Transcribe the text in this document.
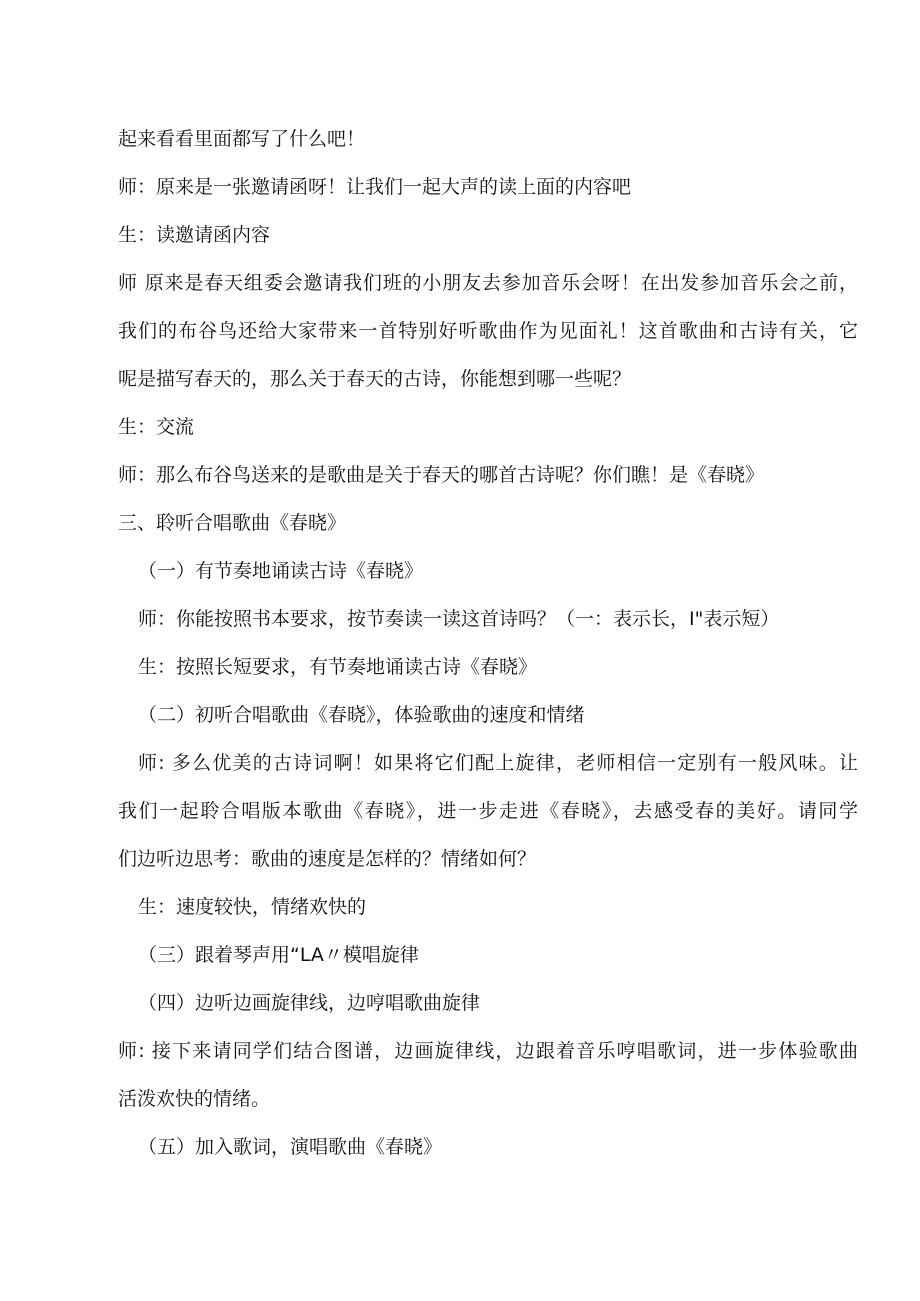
起来看看里面都写了什么吧！
师：原来是一张邀请函呀！让我们一起大声的读上面的内容吧
生：读邀请函内容
师 原来是春天组委会邀请我们班的小朋友去参加音乐会呀！在出发参加音乐会之前，
我们的布谷鸟还给大家带来一首特别好听歌曲作为见面礼！这首歌曲和古诗有关，它
呢是描写春天的，那么关于春天的古诗，你能想到哪一些呢？
生：交流
师：那么布谷鸟送来的是歌曲是关于春天的哪首古诗呢？你们瞧！是《春晓》
三、聆听合唱歌曲《春晓》
（一）有节奏地诵读古诗《春晓》
师：你能按照书本要求，按节奏读一读这首诗吗？（一：表示长，I"表示短）
生：按照长短要求，有节奏地诵读古诗《春晓》
（二）初听合唱歌曲《春晓》，体验歌曲的速度和情绪
师: 多么优美的古诗词啊！如果将它们配上旋律，老师相信一定别有一般风味。让
我们一起聆合唱版本歌曲《春晓》，进一步走进《春晓》，去感受春的美好。请同学
们边听边思考：歌曲的速度是怎样的？情绪如何？
生：速度较快，情绪欢快的
（三）跟着琴声用“LA〃模唱旋律
（四）边听边画旋律线，边哼唱歌曲旋律
师: 接下来请同学们结合图谱，边画旋律线，边跟着音乐哼唱歌词，进一步体验歌曲
活泼欢快的情绪。
（五）加入歌词，演唱歌曲《春晓》
